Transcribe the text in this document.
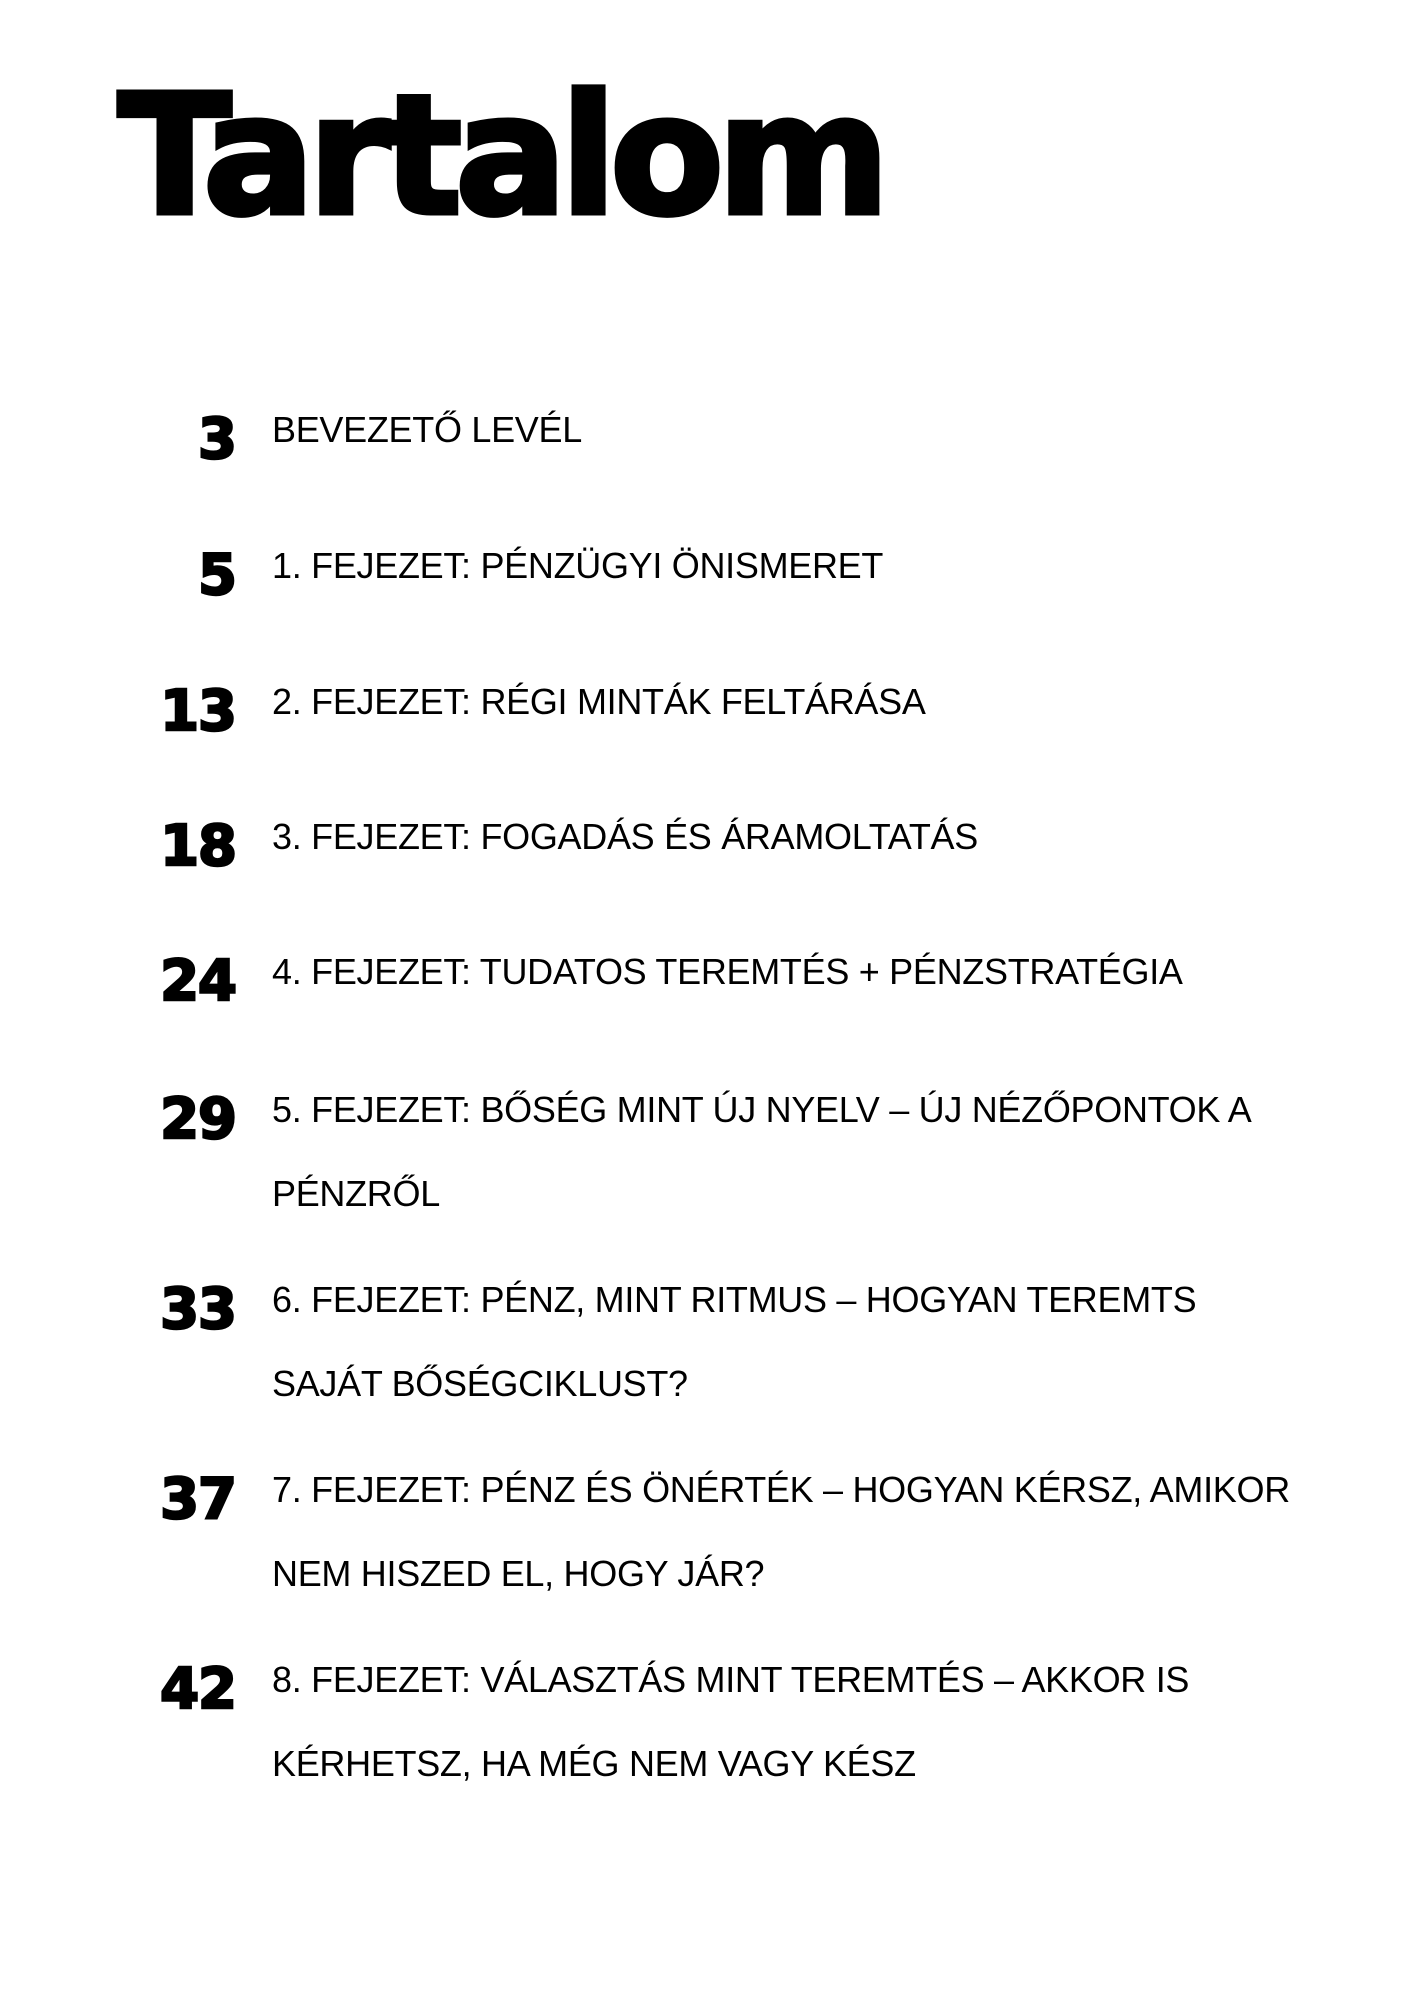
Tartalom
3 BEVEZETŐ LEVÉL
5 1. FEJEZET: PÉNZÜGYI ÖNISMERET
13 2. FEJEZET: RÉGI MINTÁK FELTÁRÁSA
18 3. FEJEZET: FOGADÁS ÉS ÁRAMOLTATÁS
24 4. FEJEZET: TUDATOS TEREMTÉS + PÉNZSTRATÉGIA
29 5. FEJEZET: BŐSÉG MINT ÚJ NYELV – ÚJ NÉZŐPONTOK A PÉNZRŐL
33 6. FEJEZET: PÉNZ, MINT RITMUS – HOGYAN TEREMTS SAJÁT BŐSÉGCIKLUST?
37 7. FEJEZET: PÉNZ ÉS ÖNÉRTÉK – HOGYAN KÉRSZ, AMIKOR NEM HISZED EL, HOGY JÁR?
42 8. FEJEZET: VÁLASZTÁS MINT TEREMTÉS – AKKOR IS KÉRHETSZ, HA MÉG NEM VAGY KÉSZ
